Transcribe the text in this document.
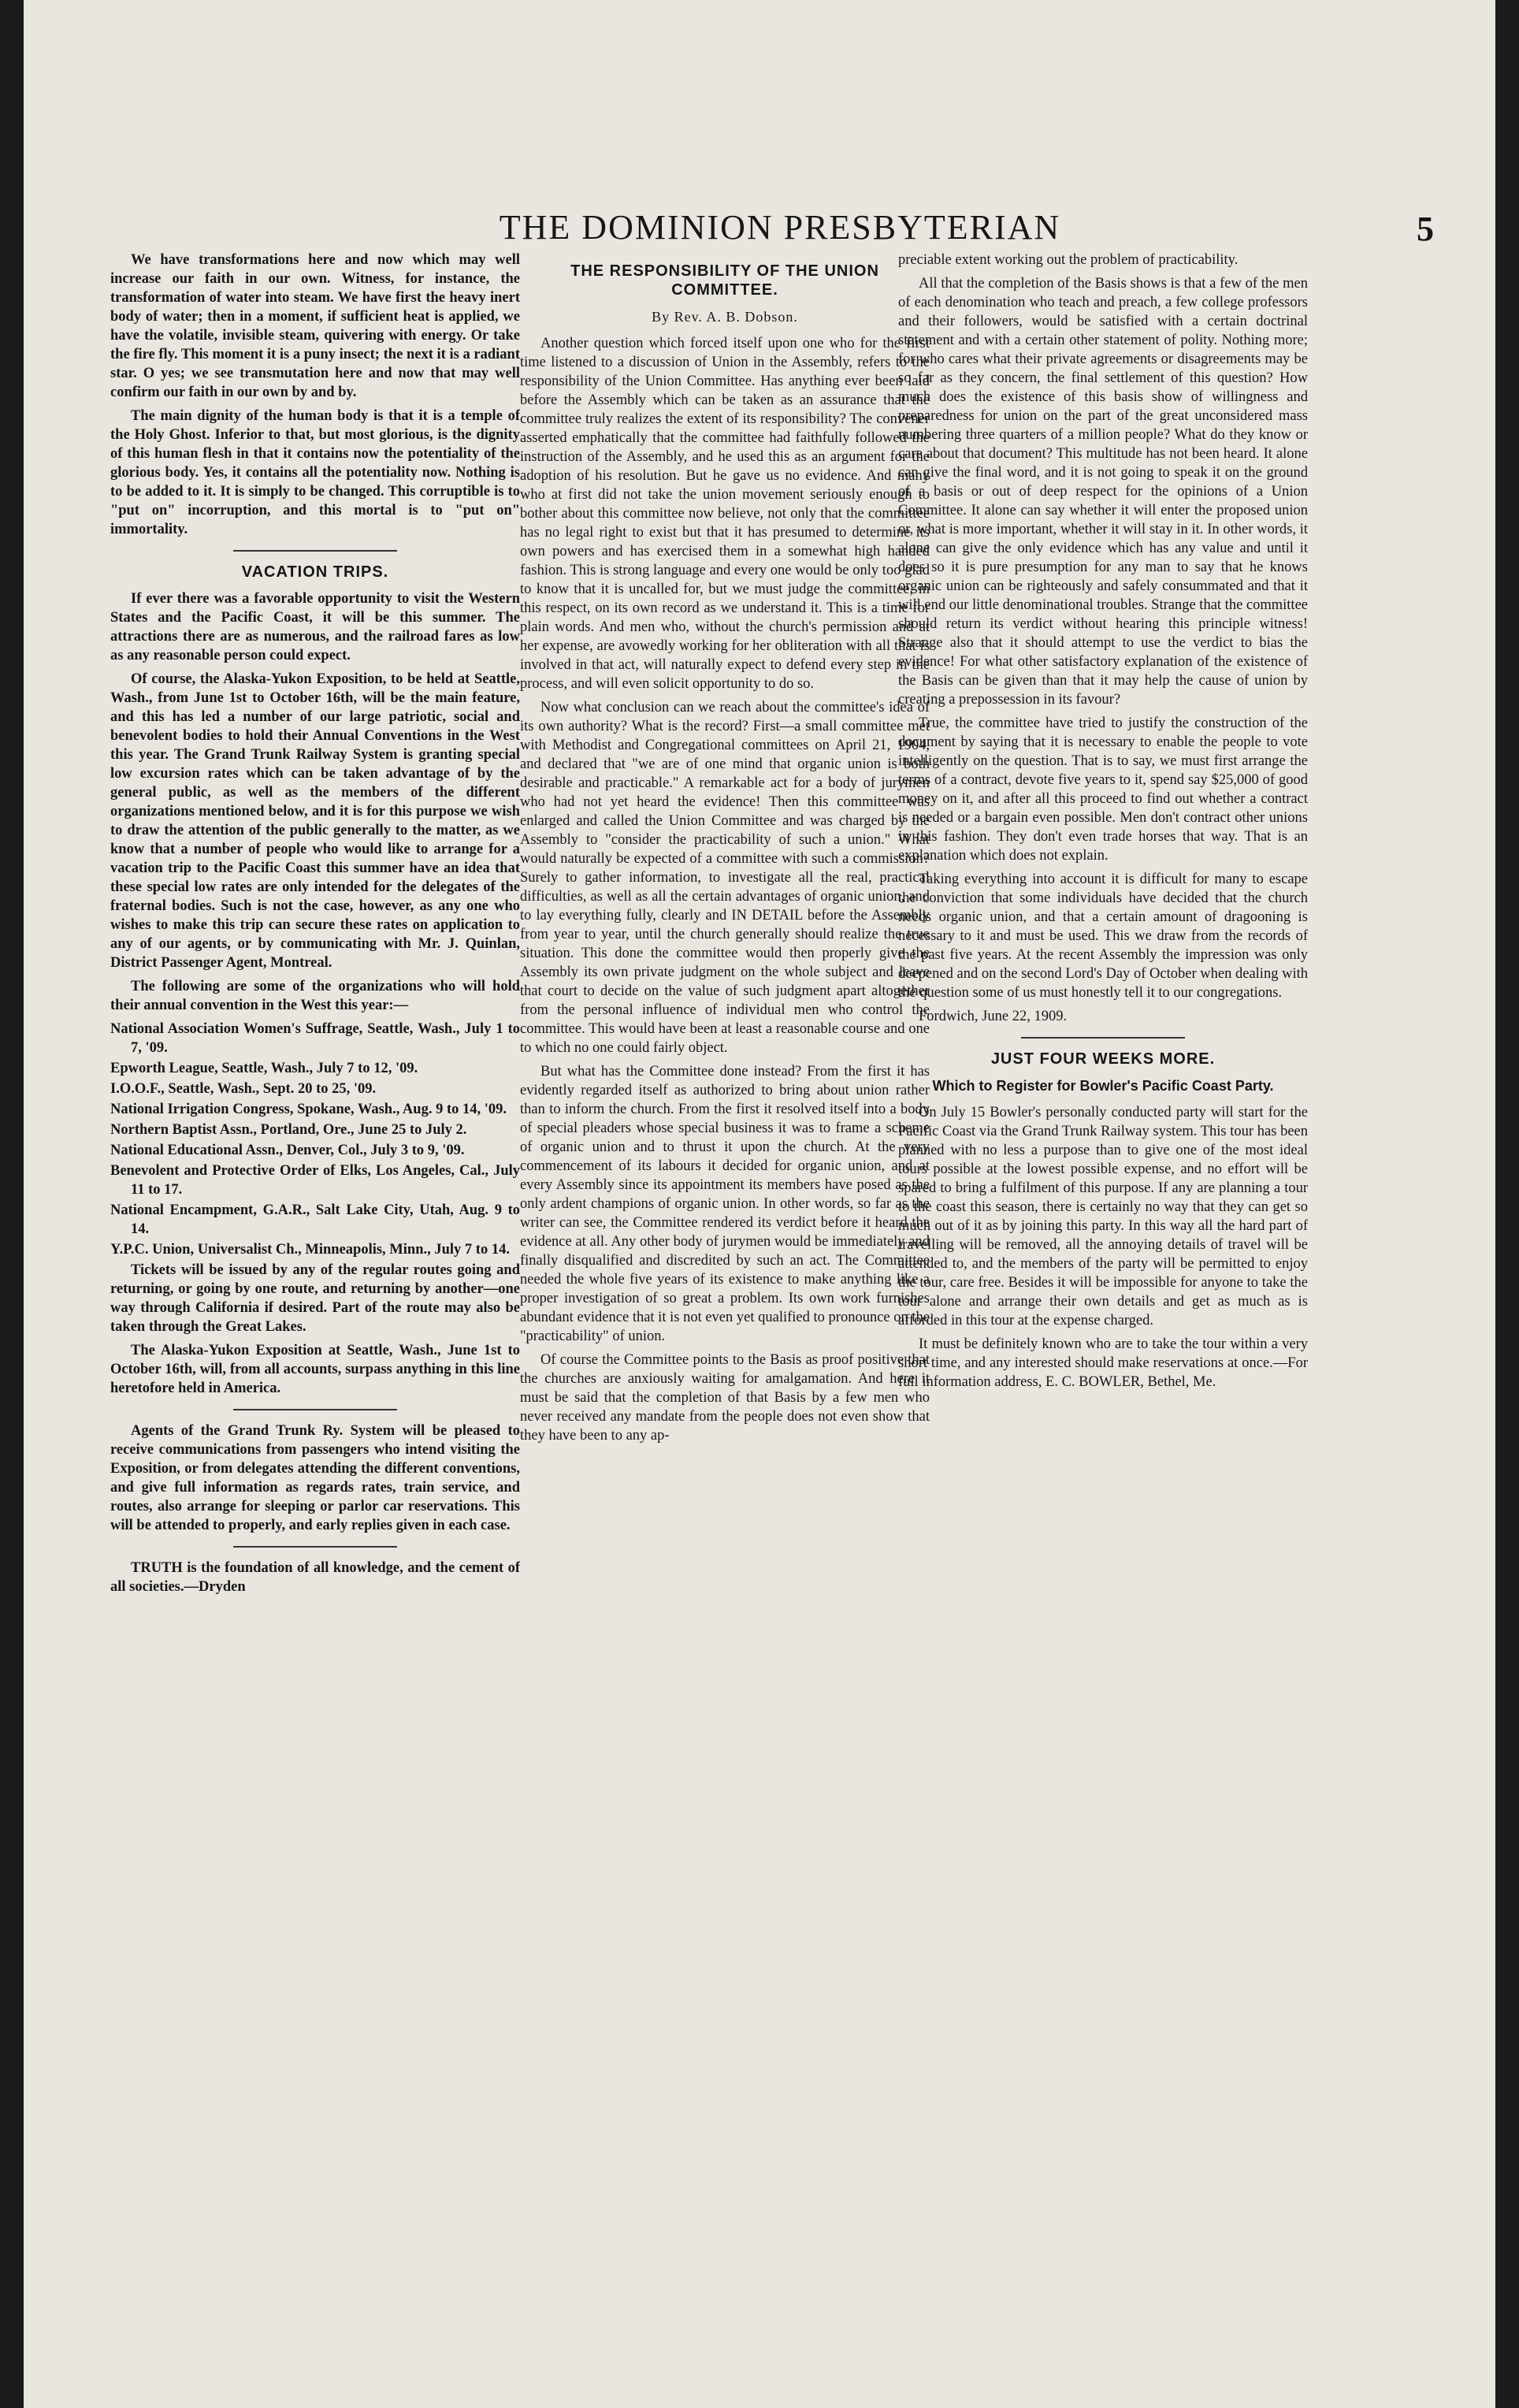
THE DOMINION PRESBYTERIAN	5

We have transformations here and now which may well increase our faith in our own. Witness, for instance, the transformation of water into steam. We have first the heavy inert body of water; then in a moment, if sufficient heat is applied, we have the volatile, invisible steam, quivering with energy. Or take the fire fly. This moment it is a puny insect; the next it is a radiant star. O yes; we see transmutation here and now that may well confirm our faith in our own by and by.

The main dignity of the human body is that it is a temple of the Holy Ghost. Inferior to that, but most glorious, is the dignity of this human flesh in that it contains now the potentiality of the glorious body. Yes, it contains all the potentiality now. Nothing is to be added to it. It is simply to be changed. This corruptible is to "put on" incorruption, and this mortal is to "put on" immortality.

VACATION TRIPS.

If ever there was a favorable opportunity to visit the Western States and the Pacific Coast, it will be this summer. The attractions there are as numerous, and the railroad fares as low as any reasonable person could expect.

Of course, the Alaska-Yukon Exposition, to be held at Seattle, Wash., from June 1st to October 16th, will be the main feature, and this has led a number of our large patriotic, social and benevolent bodies to hold their Annual Conventions in the West this year. The Grand Trunk Railway System is granting special low excursion rates which can be taken advantage of by the general public, as well as the members of the different organizations mentioned below, and it is for this purpose we wish to draw the attention of the public generally to the matter, as we know that a number of people who would like to arrange for a vacation trip to the Pacific Coast this summer have an idea that these special low rates are only intended for the delegates of the fraternal bodies. Such is not the case, however, as any one who wishes to make this trip can secure these rates on application to any of our agents, or by communicating with Mr. J. Quinlan, District Passenger Agent, Montreal.

The following are some of the organizations who will hold their annual convention in the West this year:—

National Association Women's Suffrage, Seattle, Wash., July 1 to 7, '09.
Epworth League, Seattle, Wash., July 7 to 12, '09.
I.O.O.F., Seattle, Wash., Sept. 20 to 25, '09.
National Irrigation Congress, Spokane, Wash., Aug. 9 to 14, '09.
Northern Baptist Assn., Portland, Ore., June 25 to July 2.
National Educational Assn., Denver, Col., July 3 to 9, '09.
Benevolent and Protective Order of Elks, Los Angeles, Cal., July 11 to 17.
National Encampment, G.A.R., Salt Lake City, Utah, Aug. 9 to 14.
Y.P.C. Union, Universalist Ch., Minneapolis, Minn., July 7 to 14.

Tickets will be issued by any of the regular routes going and returning, or going by one route, and returning by another—one way through California if desired. Part of the route may also be taken through the Great Lakes.

The Alaska-Yukon Exposition at Seattle, Wash., June 1st to October 16th, will, from all accounts, surpass anything in this line heretofore held in America.

Agents of the Grand Trunk Ry. System will be pleased to receive communications from passengers who intend visiting the Exposition, or from delegates attending the different conventions, and give full information as regards rates, train service, and routes, also arrange for sleeping or parlor car reservations. This will be attended to properly, and early replies given in each case.

TRUTH is the foundation of all knowledge, and the cement of all societies.—Dryden

THE RESPONSIBILITY OF THE UNION COMMITTEE.
By Rev. A. B. Dobson.

Another question which forced itself upon one who for the first time listened to a discussion of Union in the Assembly, refers to the responsibility of the Union Committee. Has anything ever been laid before the Assembly which can be taken as an assurance that the committee truly realizes the extent of its responsibility? The convener asserted emphatically that the committee had faithfully followed the instruction of the Assembly, and he used this as an argument for the adoption of his resolution. But he gave us no evidence. And many who at first did not take the union movement seriously enough to bother about this committee now believe, not only that the committee has no legal right to exist but that it has presumed to determine its own powers and has exercised them in a somewhat high handed fashion. This is strong language and every one would be only too glad to know that it is uncalled for, but we must judge the committee, in this respect, on its own record as we understand it. This is a time for plain words. And men who, without the church's permission and at her expense, are avowedly working for her obliteration with all that is involved in that act, will naturally expect to defend every step in the process, and will even solicit opportunity to do so.

Now what conclusion can we reach about the committee's idea of its own authority? What is the record? First—a small committee met with Methodist and Congregational committees on April 21, 1904, and declared that "we are of one mind that organic union is both desirable and practicable." A remarkable act for a body of jurymen who had not yet heard the evidence! Then this committee was enlarged and called the Union Committee and was charged by the Assembly to "consider the practicability of such a union." What would naturally be expected of a committee with such a commission? Surely to gather information, to investigate all the real, practical difficulties, as well as all the certain advantages of organic union, and to lay everything fully, clearly and IN DETAIL before the Assembly from year to year, until the church generally should realize the true situation. This done the committee would then properly give the Assembly its own private judgment on the whole subject and leave that court to decide on the value of such judgment apart altogether from the personal influence of individual men who control the committee. This would have been at least a reasonable course and one to which no one could fairly object.

But what has the Committee done instead? From the first it has evidently regarded itself as authorized to bring about union rather than to inform the church. From the first it resolved itself into a body of special pleaders whose special business it was to frame a scheme of organic union and to thrust it upon the church. At the very commencement of its labours it decided for organic union, and at every Assembly since its appointment its members have posed as the only ardent champions of organic union. In other words, so far as the writer can see, the Committee rendered its verdict before it heard the evidence at all. Any other body of jurymen would be immediately and finally disqualified and discredited by such an act. The Committee needed the whole five years of its existence to make anything like a proper investigation of so great a problem. Its own work furnishes abundant evidence that it is not even yet qualified to pronounce on the "practicability" of union.

Of course the Committee points to the Basis as proof positive that the churches are anxiously waiting for amalgamation. And here it must be said that the completion of that Basis by a few men who never received any mandate from the people does not even show that they have been to any ap-

preciable extent working out the problem of practicability.

All that the completion of the Basis shows is that a few of the men of each denomination who teach and preach, a few college professors and their followers, would be satisfied with a certain doctrinal statement and with a certain other statement of polity. Nothing more; for who cares what their private agreements or disagreements may be so far as they concern, the final settlement of this question? How much does the existence of this basis show of willingness and preparedness for union on the part of the great unconsidered mass numbering three quarters of a million people? What do they know or care about that document? This multitude has not been heard. It alone can give the final word, and it is not going to speak it on the ground of a basis or out of deep respect for the opinions of a Union Committee. It alone can say whether it will enter the proposed union or, what is more important, whether it will stay in it. In other words, it alone can give the only evidence which has any value and until it does so it is pure presumption for any man to say that he knows organic union can be righteously and safely consummated and that it will end our little denominational troubles. Strange that the committee should return its verdict without hearing this principle witness! Strange also that it should attempt to use the verdict to bias the evidence! For what other satisfactory explanation of the existence of the Basis can be given than that it may help the cause of union by creating a prepossession in its favour?

True, the committee have tried to justify the construction of the document by saying that it is necessary to enable the people to vote intelligently on the question. That is to say, we must first arrange the terms of a contract, devote five years to it, spend say $25,000 of good money on it, and after all this proceed to find out whether a contract is needed or a bargain even possible. Men don't contract other unions in this fashion. They don't even trade horses that way. That is an explanation which does not explain.

Taking everything into account it is difficult for many to escape the conviction that some individuals have decided that the church needs organic union, and that a certain amount of dragooning is necessary to it and must be used. This we draw from the records of the past five years. At the recent Assembly the impression was only deepened and on the second Lord's Day of October when dealing with the question some of us must honestly tell it to our congregations.

Fordwich, June 22, 1909.
JUST FOUR WEEKS MORE.
Which to Register for Bowler's Pacific Coast Party.

On July 15 Bowler's personally conducted party will start for the Pacific Coast via the Grand Trunk Railway system. This tour has been planned with no less a purpose than to give one of the most ideal tours possible at the lowest possible expense, and no effort will be spared to bring a fulfilment of this purpose. If any are planning a tour to the coast this season, there is certainly no way that they can get so much out of it as by joining this party. In this way all the hard part of travelling will be removed, all the annoying details of travel will be attended to, and the members of the party will be permitted to enjoy the tour, care free. Besides it will be impossible for anyone to take the tour alone and arrange their own details and get as much as is afforded in this tour at the expense charged.

It must be definitely known who are to take the tour within a very short time, and any interested should make reservations at once.—For full information address, E. C. BOWLER, Bethel, Me.
